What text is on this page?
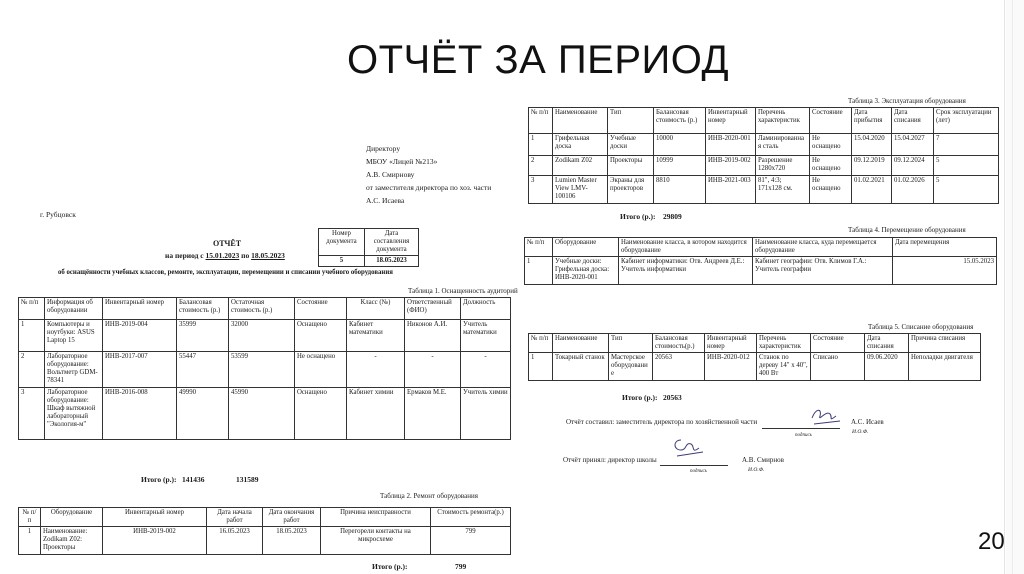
ОТЧЁТ ЗА ПЕРИОД
20
Директору
МБОУ «Лицей №213»
А.В. Смирнову
от заместителя директора по хоз. части
А.С. Исаева
г. Рубцовск
Номер документа	Дата составления документа
5	18.05.2023
ОТЧЁТ
на период с 15.01.2023 по 18.05.2023
об оснащённости учебных классов, ремонте, эксплуатации, перемещении и списании учебного оборудования
Таблица 1. Оснащенность аудиторий
№ п/п	Информация об оборудовании	Инвентарный номер	Балансовая стоимость (р.)	Остаточная стоимость (р.)	Состояние	Класс (№)	Ответственный (ФИО)	Должность
1	Компьютеры и ноутбуки: ASUS Laptop 15	ИНВ-2019-004	35999	32000	Оснащено	Кабинет математики	Никонов А.И.	Учитель математики
2	Лабораторное оборудование: Вольтметр GDM-78341	ИНВ-2017-007	55447	53599	Не оснащено	-	-	-
3	Лабораторное оборудование: Шкаф вытяжной лабораторный "Экология-м"	ИНВ-2016-008	49990	45990	Оснащено	Кабинет химии	Ермаков М.Е.	Учитель химии
Итого (р.): 141436	131589
Таблица 2. Ремонт оборудования
№ п/п	Оборудование	Инвентарный номер	Дата начала работ	Дата окончания работ	Причина неисправности	Стоимость ремонта(р.)
1	Наименование: Zodikam Z02: Проекторы	ИНВ-2019-002	16.05.2023	18.05.2023	Перегорели контакты на микросхеме	799
Итого (р.):	799
Таблица 3. Эксплуатация оборудования
№ п/п	Наименование	Тип	Балансовая стоимость (р.)	Инвентарный номер	Перечень характеристик	Состояние	Дата прибытия	Дата списания	Срок эксплуатации (лет)
1	Грифельная доска	Учебные доски	10000	ИНВ-2020-001	Ламинированная сталь	Не оснащено	15.04.2020	15.04.2027	7
2	Zodikam Z02	Проекторы	10999	ИНВ-2019-002	Разрешение 1280x720	Не оснащено	09.12.2019	09.12.2024	5
3	Lumien Master View LMV-100106	Экраны для проекторов	8810	ИНВ-2021-003	81", 4:3; 171x128 см.	Не оснащено	01.02.2021	01.02.2026	5
Итого (р.): 29809
Таблица 4. Перемещение оборудования
№ п/п	Оборудование	Наименование класса, в котором находится оборудование	Наименование класса, куда перемещается оборудование	Дата перемещения
1	Учебные доски: Грифельная доска: ИНВ-2020-001	Кабинет информатики: Отв. Андреев Д.Е.: Учитель информатики	Кабинет географии: Отв. Климов Г.А.: Учитель географии	15.05.2023
Таблица 5. Списание оборудования
№ п/п	Наименование	Тип	Балансовая стоимость(р.)	Инвентарный номер	Перечень характеристик	Состояние	Дата списания	Причина списания
1	Токарный станок	Мастерское оборудование	20563	ИНВ-2020-012	Станок по дереву 14" x 40", 400 Вт	Списано	09.06.2020	Неполадки двигателя
Итого (р.): 20563
Отчёт составил: заместитель директора по хозяйственной части	А.С. Исаев
подпись
И.О.Ф.
Отчёт принял: директор школы	А.В. Смирнов
подпись	И.О.Ф.
